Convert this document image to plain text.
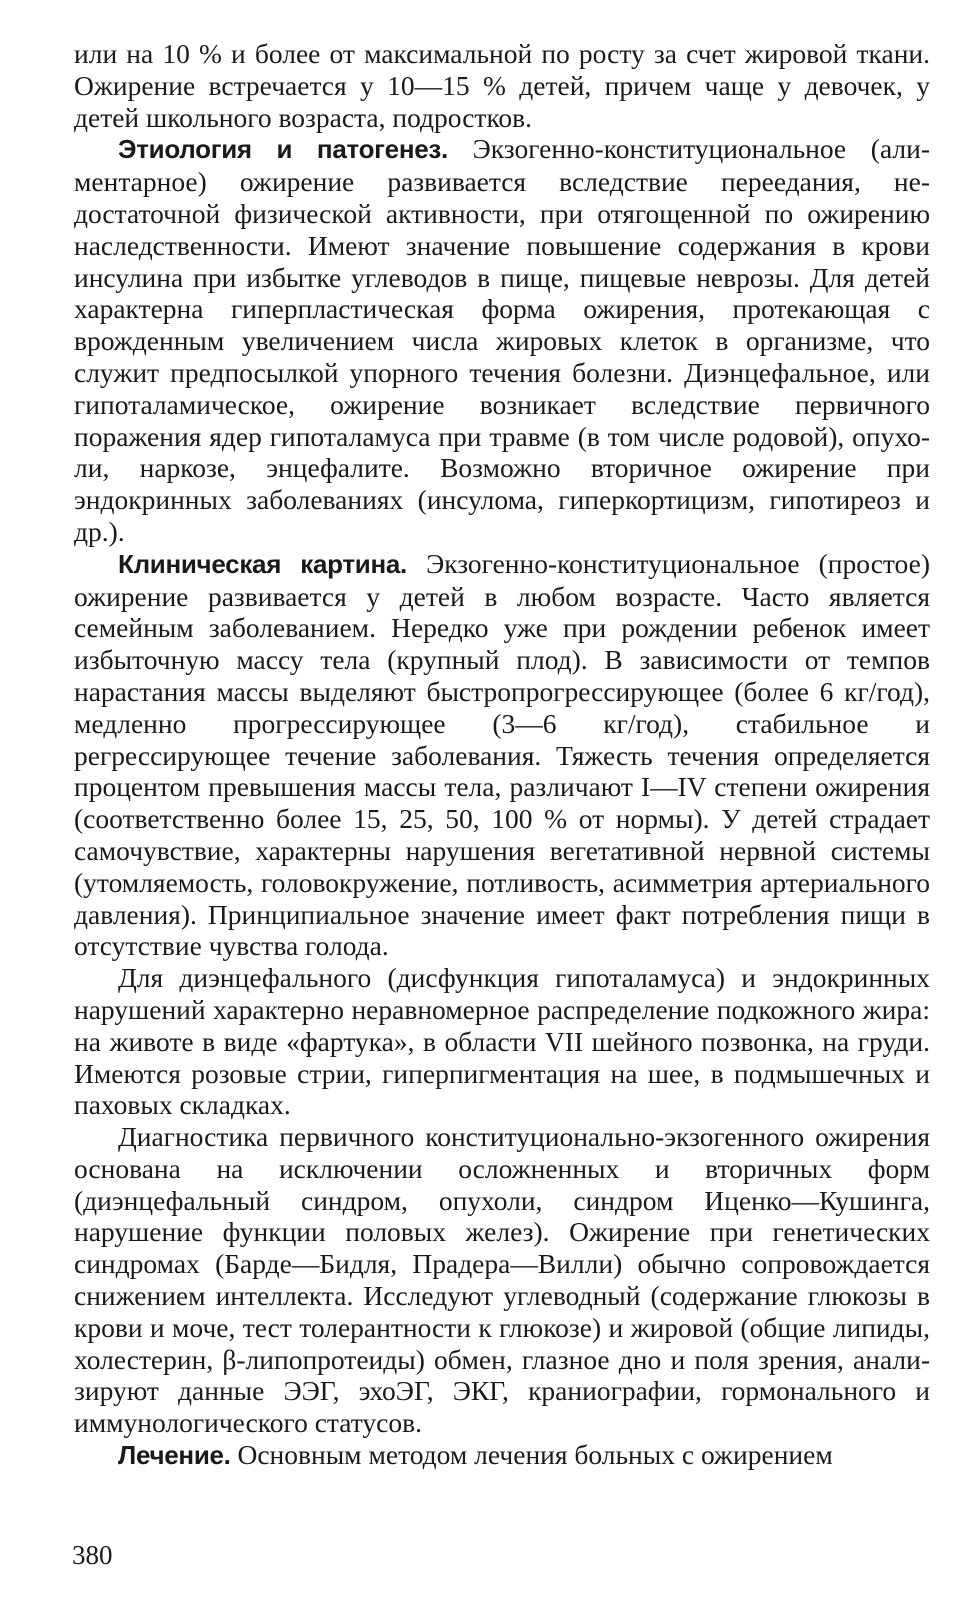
или на 10 % и более от максимальной по росту за счет жировой ткани. Ожирение встречается у 10—15 % детей, причем чаще у девочек, у детей школьного возраста, подростков.

Этиология и патогенез. Экзогенно-конституциональное (алиментарное) ожирение развивается вследствие переедания, недостаточной физической активности, при отягощенной по ожирению наследственности. Имеют значение повышение содержания в крови инсулина при избытке углеводов в пище, пищевые неврозы. Для детей характерна гиперпластическая форма ожирения, протекающая с врожденным увеличением числа жировых клеток в организме, что служит предпосылкой упорного течения болезни. Диэнцефальное, или гипоталамическое, ожирение возникает вследствие первичного поражения ядер гипоталамуса при травме (в том числе родовой), опухоли, наркозе, энцефалите. Возможно вторичное ожирение при эндокринных заболеваниях (инсулома, гиперкортицизм, гипотиреоз и др.).

Клиническая картина. Экзогенно-конституциональное (простое) ожирение развивается у детей в любом возрасте. Часто является семейным заболеванием. Нередко уже при рождении ребенок имеет избыточную массу тела (крупный плод). В зависимости от темпов нарастания массы выделяют быстропрогрессирующее (более 6 кг/год), медленно прогрессирующее (3—6 кг/год), стабильное и регрессирующее течение заболевания. Тяжесть течения определяется процентом превышения массы тела, различают I—IV степени ожирения (соответственно более 15, 25, 50, 100 % от нормы). У детей страдает самочувствие, характерны нарушения вегетативной нервной системы (утомляемость, головокружение, потливость, асимметрия артериального давления). Принципиальное значение имеет факт потребления пищи в отсутствие чувства голода.

Для диэнцефального (дисфункция гипоталамуса) и эндокринных нарушений характерно неравномерное распределение подкожного жира: на животе в виде «фартука», в области VII шейного позвонка, на груди. Имеются розовые стрии, гиперпигментация на шее, в подмышечных и паховых складках.

Диагностика первичного конституционально-экзогенного ожирения основана на исключении осложненных и вторичных форм (диэнцефальный синдром, опухоли, синдром Иценко—Кушинга, нарушение функции половых желез). Ожирение при генетических синдромах (Барде—Бидля, Прадера—Вилли) обычно сопровождается снижением интеллекта. Исследуют углеводный (содержание глюкозы в крови и моче, тест толерантности к глюкозе) и жировой (общие липиды, холестерин, β-липопротеиды) обмен, глазное дно и поля зрения, анализируют данные ЭЭГ, эхоЭГ, ЭКГ, краниографии, гормонального и иммунологического статусов.

Лечение. Основным методом лечения больных с ожирением

380
